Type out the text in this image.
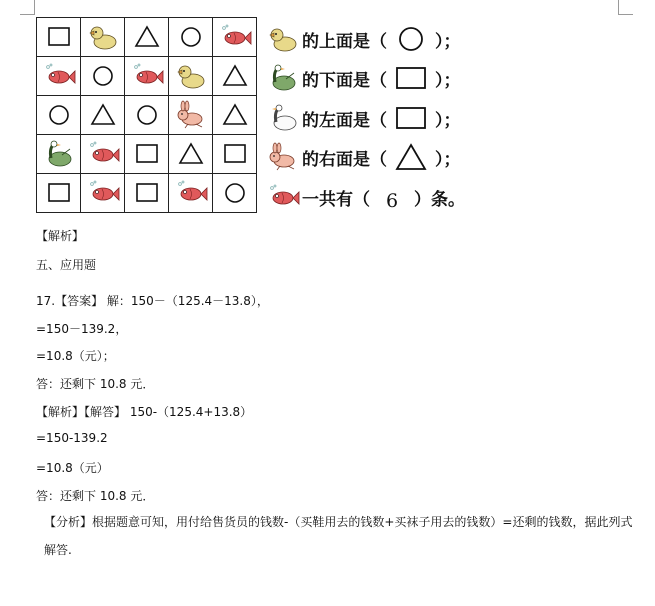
的上面是（	）；
的下面是（	）；
的左面是（	）；
的右面是（	）；
一共有（ 6 ）条。
【解析】
五、应用题
17.【答案】 解：150－（125.4－13.8），
=150－139.2，
=10.8（元）；
答：还剩下 10.8 元．
【解析】【解答】 150-（125.4+13.8）
=150-139.2
=10.8（元）
答：还剩下 10.8 元．
【分析】根据题意可知，用付给售货员的钱数-（买鞋用去的钱数+买袜子用去的钱数）=还剩的钱数，据此列式解答.
